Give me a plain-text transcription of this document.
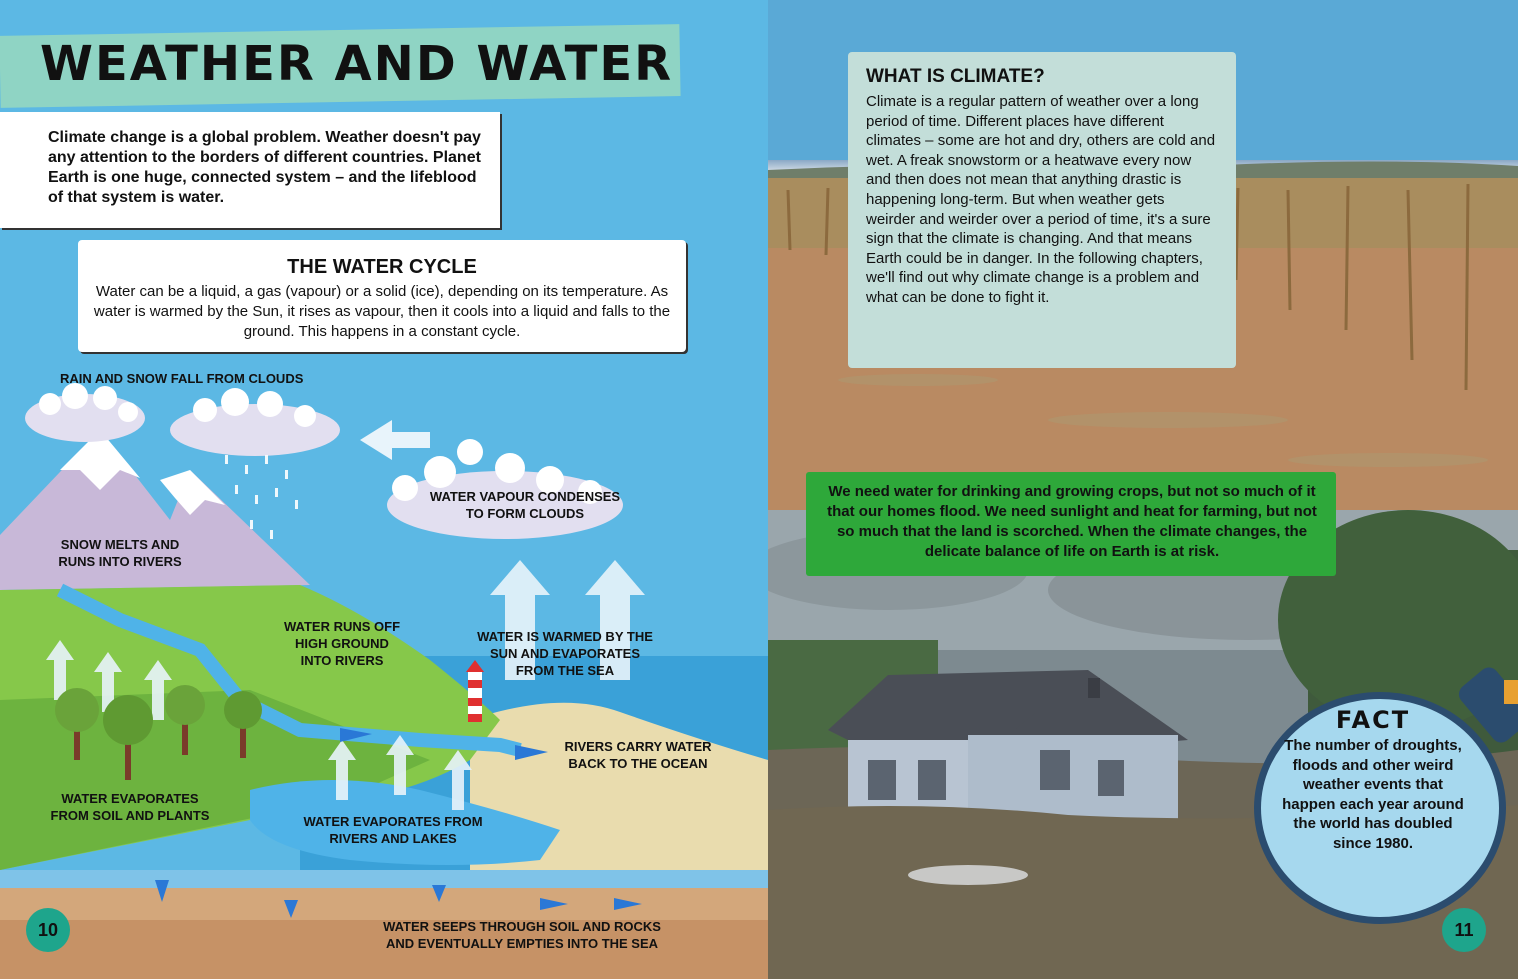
WEATHER AND WATER
Climate change is a global problem. Weather doesn't pay any attention to the borders of different countries. Planet Earth is one huge, connected system – and the lifeblood of that system is water.
THE WATER CYCLE
Water can be a liquid, a gas (vapour) or a solid (ice), depending on its temperature. As water is warmed by the Sun, it rises as vapour, then it cools into a liquid and falls to the ground. This happens in a constant cycle.
RAIN AND SNOW FALL FROM CLOUDS
SNOW MELTS AND
RUNS INTO RIVERS
WATER VAPOUR CONDENSES
TO FORM CLOUDS
WATER RUNS OFF
HIGH GROUND
INTO RIVERS
WATER IS WARMED BY THE
SUN AND EVAPORATES
FROM THE SEA
RIVERS CARRY WATER
BACK TO THE OCEAN
WATER EVAPORATES
FROM SOIL AND PLANTS	WATER EVAPORATES FROM
RIVERS AND LAKES
WATER SEEPS THROUGH SOIL AND ROCKS
AND EVENTUALLY EMPTIES INTO THE SEA
10
WHAT IS CLIMATE?
Climate is a regular pattern of weather over a long period of time. Different places have different climates – some are hot and dry, others are cold and wet. A freak snowstorm or a heatwave every now and then does not mean that anything drastic is happening long-term. But when weather gets weirder and weirder over a period of time, it's a sure sign that the climate is changing. And that means Earth could be in danger. In the following chapters, we'll find out why climate change is a problem and what can be done to fight it.
We need water for drinking and growing crops, but not so much of it that our homes flood. We need sunlight and heat for farming, but not so much that the land is scorched. When the climate changes, the delicate balance of life on Earth is at risk.
FACT
The number of droughts, floods and other weird weather events that happen each year around the world has doubled since 1980.
11
